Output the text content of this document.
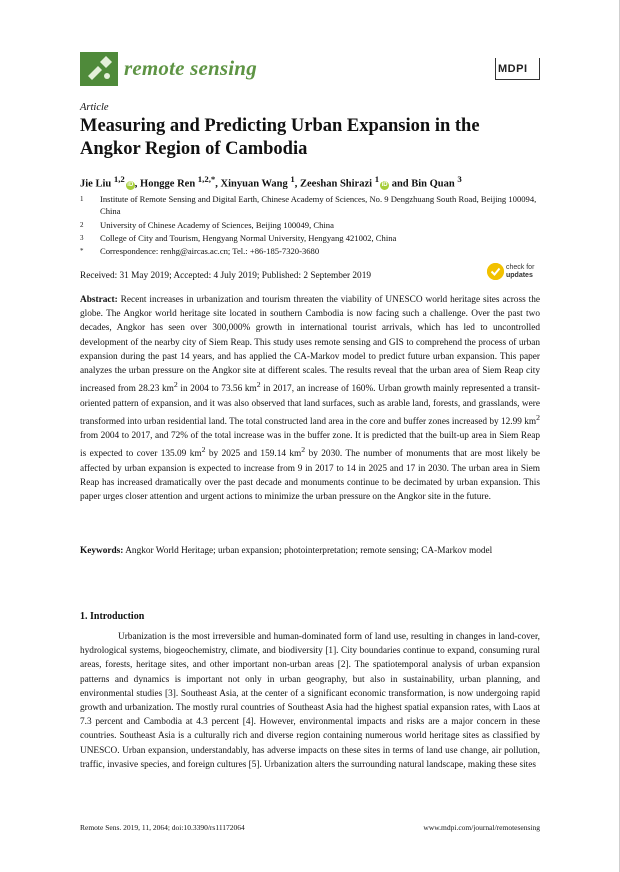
remote sensing	MDPI
Article
Measuring and Predicting Urban Expansion in the Angkor Region of Cambodia
Jie Liu $^{1,2}$iD , Hongge Ren $^{1,2,*}$, Xinyuan Wang $^1$, Zeeshan Shirazi $^1$iD and Bin Quan $^3$
1 Institute of Remote Sensing and Digital Earth, Chinese Academy of Sciences, No. 9 Dengzhuang South Road, Beijing 100094, China
2 University of Chinese Academy of Sciences, Beijing 100049, China
3 College of City and Tourism, Hengyang Normal University, Hengyang 421002, China
* Correspondence: renhg@aircas.ac.cn; Tel.: +86-185-7320-3680
Received: 31 May 2019; Accepted: 4 July 2019; Published: 2 September 2019
check for
updates

Abstract: Recent increases in urbanization and tourism threaten the viability of UNESCO world heritage sites across the globe. The Angkor world heritage site located in southern Cambodia is now facing such a challenge. Over the past two decades, Angkor has seen over 300,000% growth in international tourist arrivals, which has led to uncontrolled development of the nearby city of Siem Reap. This study uses remote sensing and GIS to comprehend the process of urban expansion during the past 14 years, and has applied the CA-Markov model to predict future urban expansion. This paper analyzes the urban pressure on the Angkor site at different scales. The results reveal that the urban area of Siem Reap city increased from 28.23 $km^2$ in 2004 to 73.56 $km^2$ in 2017, an increase of 160%. Urban growth mainly represented a transit-oriented pattern of expansion, and it was also observed that land surfaces, such as arable land, forests, and grasslands, were transformed into urban residential land. The total constructed land area in the core and buffer zones increased by 12.99 $km^2$ from 2004 to 2017, and 72% of the total increase was in the buffer zone. It is predicted that the built-up area in Siem Reap is expected to cover 135.09 $km^2$ by 2025 and 159.14 $km^2$ by 2030. The number of monuments that are most likely be affected by urban expansion is expected to increase from 9 in 2017 to 14 in 2025 and 17 in 2030. The urban area in Siem Reap has increased dramatically over the past decade and monuments continue to be decimated by urban expansion. This paper urges closer attention and urgent actions to minimize the urban pressure on the Angkor site in the future.

Keywords: Angkor World Heritage; urban expansion; photointerpretation; remote sensing; CA-Markov model

1. Introduction

Urbanization is the most irreversible and human-dominated form of land use, resulting in changes in land-cover, hydrological systems, biogeochemistry, climate, and biodiversity [1]. City boundaries continue to expand, consuming rural areas, forests, heritage sites, and other important non-urban areas [2]. The spatiotemporal analysis of urban expansion patterns and dynamics is important not only in urban geography, but also in sustainability, urban planning, and environmental studies [3]. Southeast Asia, at the center of a significant economic transformation, is now undergoing rapid growth and urbanization. The mostly rural countries of Southeast Asia had the highest spatial expansion rates, with Laos at 7.3 percent and Cambodia at 4.3 percent [4]. However, environmental impacts and risks are a major concern in these countries. Southeast Asia is a culturally rich and diverse region containing numerous world heritage sites as classified by UNESCO. Urban expansion, understandably, has adverse impacts on these sites in terms of land use change, air pollution, traffic, invasive species, and foreign cultures [5]. Urbanization alters the surrounding natural landscape, making these sites

Remote Sens. 2019, 11, 2064; doi:10.3390/rs11172064	www.mdpi.com/journal/remotesensing
